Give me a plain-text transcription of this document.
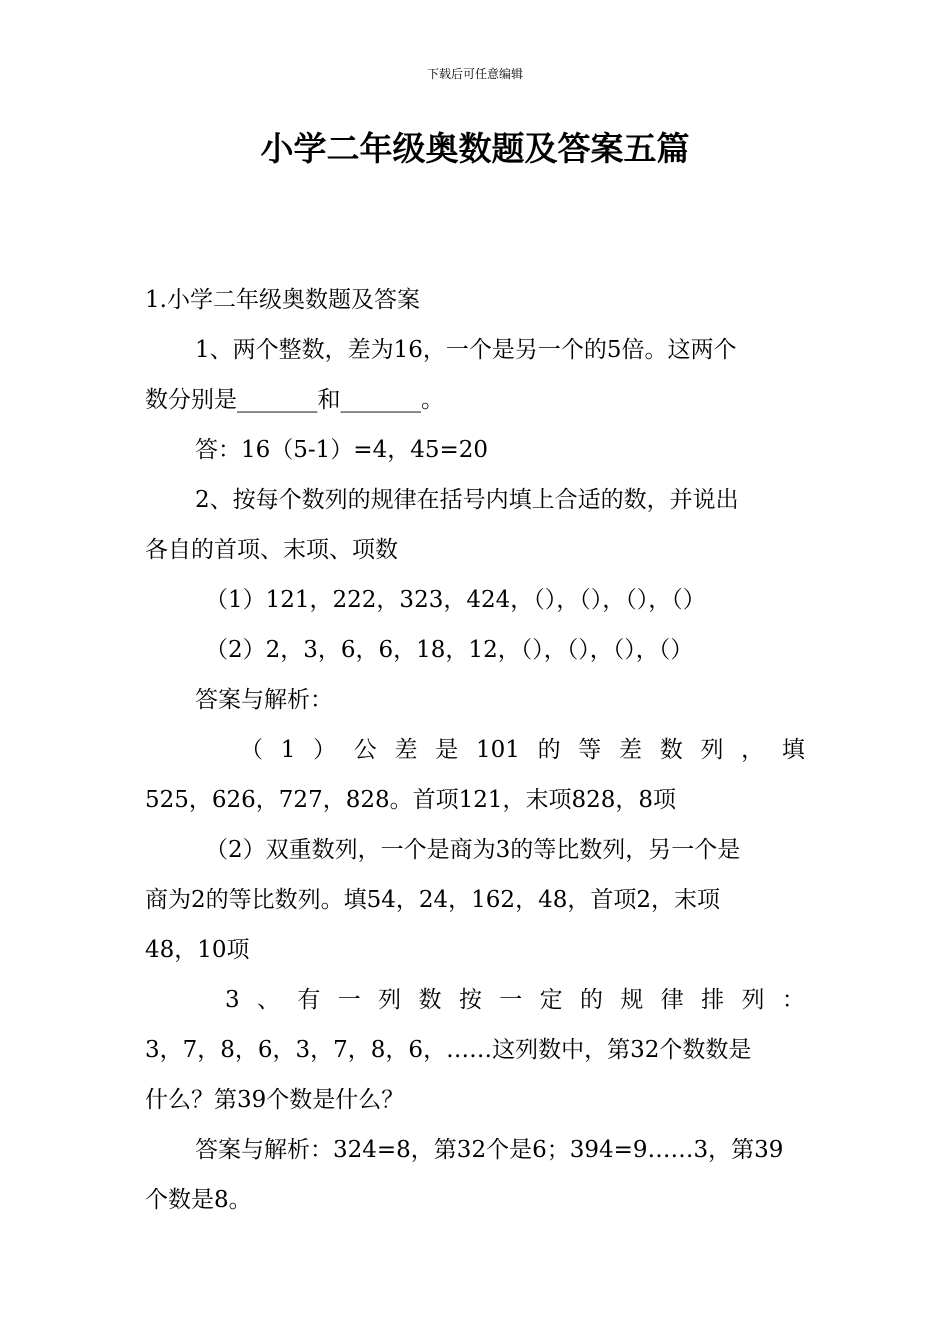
下载后可任意编辑
小学二年级奥数题及答案五篇
1.小学二年级奥数题及答案
1、两个整数，差为16，一个是另一个的5倍。这两个
数分别是_______和_______。
答：16（5-1）=4，45=20
2、按每个数列的规律在括号内填上合适的数，并说出
各自的首项、末项、项数
（1）121，222，323，424，（），（），（），（）
（2）2，3，6，6，18，12，（），（），（），（）
答案与解析：
（ 1 ） 公 差 是 101 的 等 差 数 列 ， 填
525，626，727，828。首项121，末项828，8项
（2）双重数列，一个是商为3的等比数列，另一个是
商为2的等比数列。填54，24，162，48，首项2，末项
48，10项
3 、 有 一 列 数 按 一 定 的 规 律 排 列 ：
3，7，8，6，3，7，8，6，……这列数中，第32个数数是
什么？第39个数是什么？
答案与解析：324=8，第32个是6；394=9……3，第39
个数是8。
